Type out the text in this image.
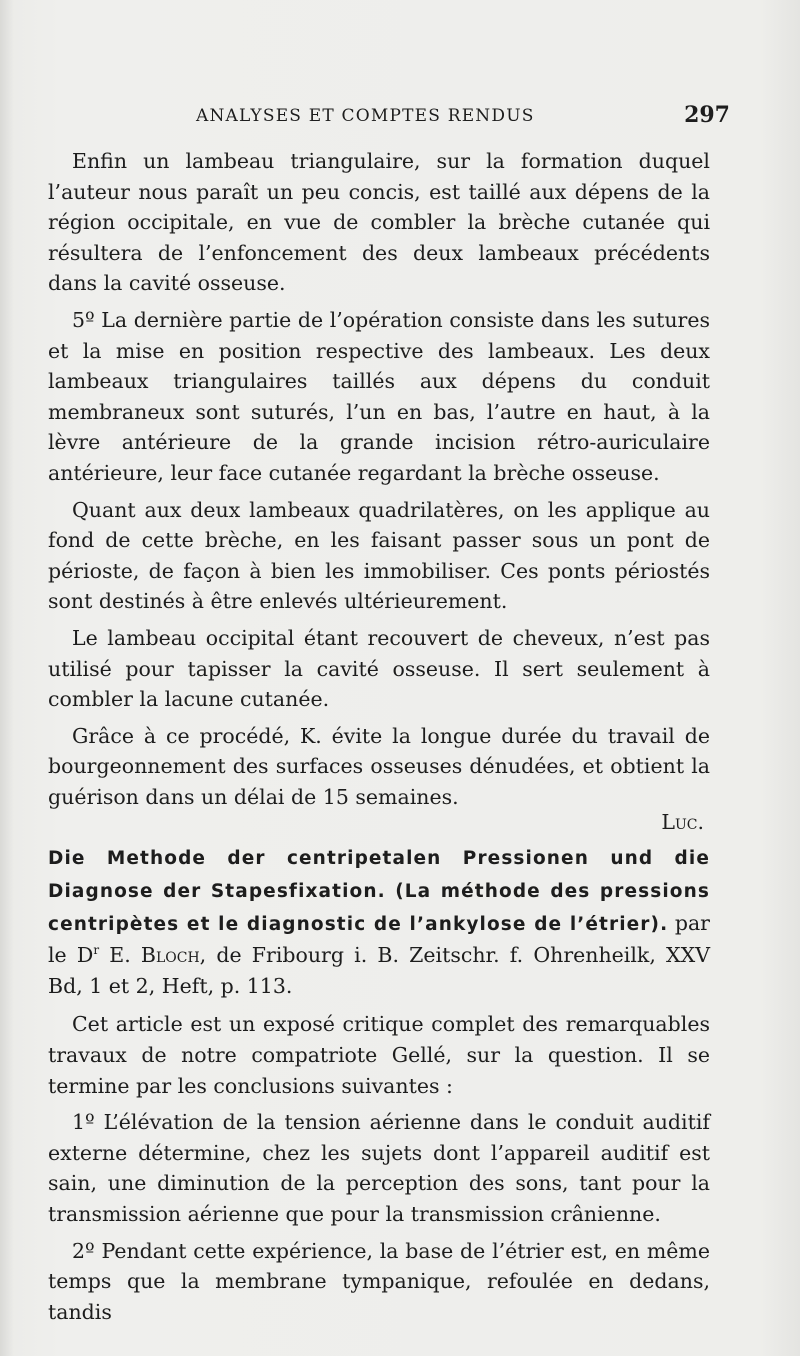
ANALYSES ET COMPTES RENDUS	297

Enfin un lambeau triangulaire, sur la formation duquel l’auteur nous paraît un peu concis, est taillé aux dépens de la région occipitale, en vue de combler la brèche cutanée qui résultera de l’enfoncement des deux lambeaux précédents dans la cavité osseuse.

5º La dernière partie de l’opération consiste dans les sutures et la mise en position respective des lambeaux. Les deux lambeaux triangulaires taillés aux dépens du conduit membraneux sont suturés, l’un en bas, l’autre en haut, à la lèvre antérieure de la grande incision rétro-auriculaire antérieure, leur face cutanée regardant la brèche osseuse.

Quant aux deux lambeaux quadrilatères, on les applique au fond de cette brèche, en les faisant passer sous un pont de périoste, de façon à bien les immobiliser. Ces ponts périostés sont destinés à être enlevés ultérieurement.

Le lambeau occipital étant recouvert de cheveux, n’est pas utilisé pour tapisser la cavité osseuse. Il sert seulement à combler la lacune cutanée.

Grâce à ce procédé, K. évite la longue durée du travail de bourgeonnement des surfaces osseuses dénudées, et obtient la guérison dans un délai de 15 semaines.

Luc.

Die Methode der centripetalen Pressionen und die Diagnose der Stapesfixation. (La méthode des pressions centripètes et le diagnostic de l’ankylose de l’étrier). par le $D^r$ E. Bloch, de Fribourg i. B. Zeitschr. f. Ohrenheilk, XXV Bd, 1 et 2, Heft, p. 113.

Cet article est un exposé critique complet des remarquables travaux de notre compatriote Gellé, sur la question. Il se termine par les conclusions suivantes :

1º L’élévation de la tension aérienne dans le conduit auditif externe détermine, chez les sujets dont l’appareil auditif est sain, une diminution de la perception des sons, tant pour la transmission aérienne que pour la transmission crânienne.

2º Pendant cette expérience, la base de l’étrier est, en même temps que la membrane tympanique, refoulée en dedans, tandis
